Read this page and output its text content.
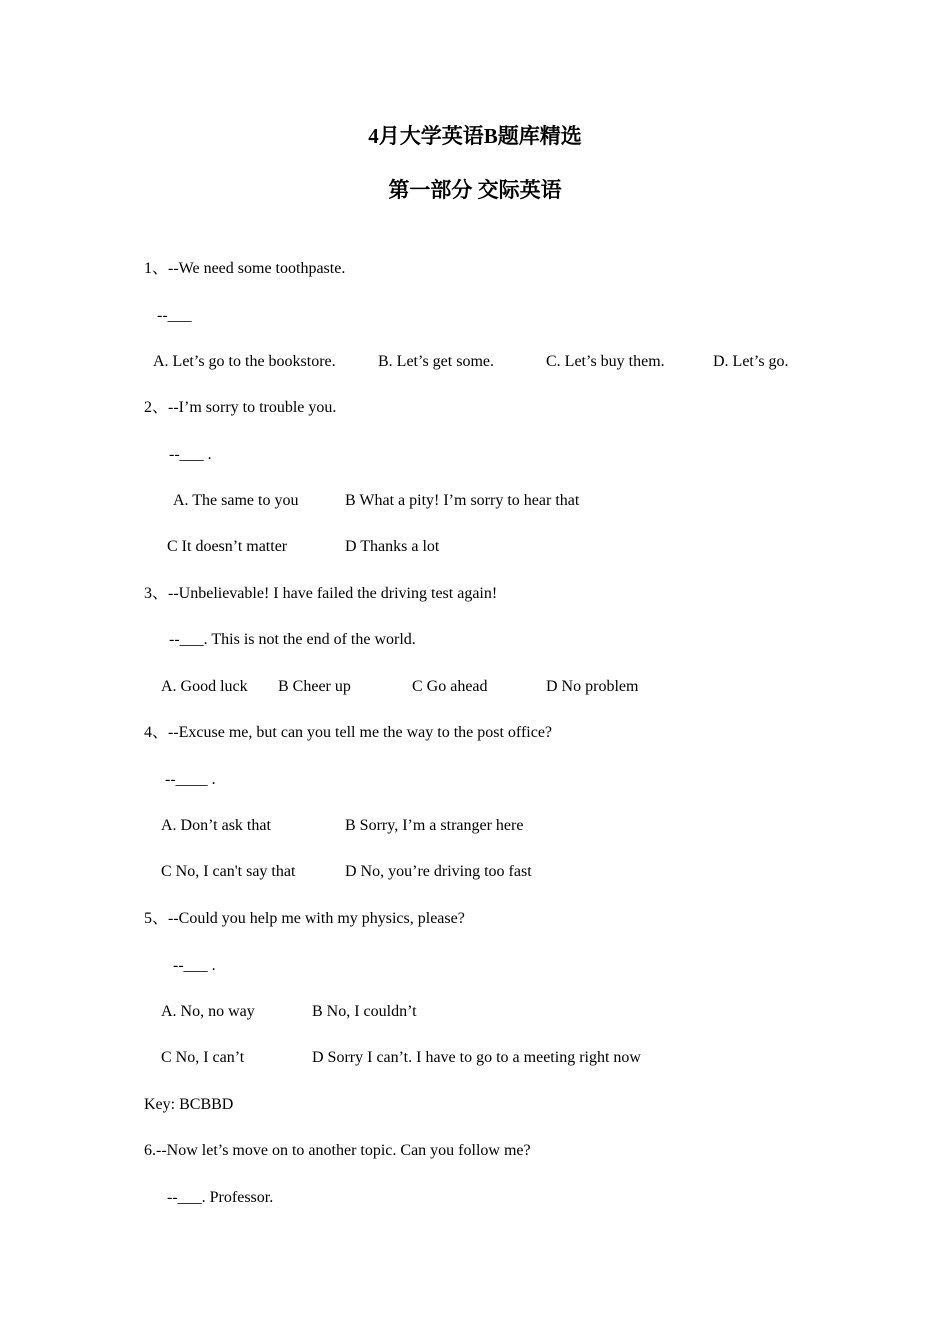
4月大学英语B题库精选
第一部分 交际英语
1、--We need some toothpaste.
--___
A. Let’s go to the bookstore.	B. Let’s get some.	C. Let’s buy them.	D. Let’s go.
2、--I’m sorry to trouble you.
--___ .
A. The same to you	B What a pity! I’m sorry to hear that
C It doesn’t matter	D Thanks a lot
3、--Unbelievable! I have failed the driving test again!
--___. This is not the end of the world.
A. Good luck B Cheer up	C Go ahead	D No problem
4、--Excuse me, but can you tell me the way to the post office?
--____ .
A. Don’t ask that	B Sorry, I’m a stranger here
C No, I can't say that	D No, you’re driving too fast
5、--Could you help me with my physics, please?
--___ .
A. No, no way	B No, I couldn’t
C No, I can’t	D Sorry I can’t. I have to go to a meeting right now
Key: BCBBD
6.--Now let’s move on to another topic. Can you follow me?
--___. Professor.
